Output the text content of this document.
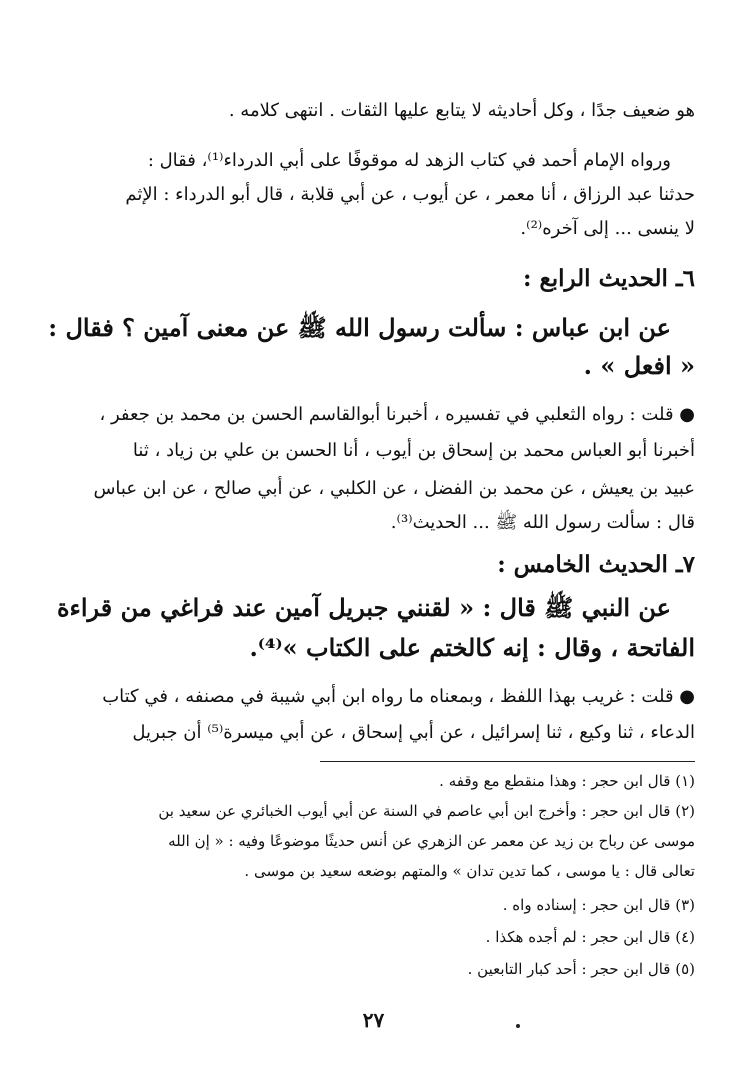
هو ضعيف جدًا ، وكل أحاديثه لا يتابع عليها الثقات . انتهى كلامه .
ورواه الإمام أحمد في كتاب الزهد له موقوفًا على أبي الدرداء⁽¹⁾، فقال :
حدثنا عبد الرزاق ، أنا معمر ، عن أيوب ، عن أبي قلابة ، قال أبو الدرداء : الإثم
لا ينسى ... إلى آخره⁽²⁾.
٦ـ الحديث الرابع :
عن ابن عباس : سألت رسول الله ﷺ عن معنى آمين ؟ فقال :
« افعل » .
● قلت : رواه الثعلبي في تفسيره ، أخبرنا أبوالقاسم الحسن بن محمد بن جعفر ،
أخبرنا أبو العباس محمد بن إسحاق بن أيوب ، أنا الحسن بن علي بن زياد ، ثنا
عبيد بن يعيش ، عن محمد بن الفضل ، عن الكلبي ، عن أبي صالح ، عن ابن عباس
قال : سألت رسول الله ﷺ ... الحديث⁽³⁾.
٧ـ الحديث الخامس :
عن النبي ﷺ قال : « لقنني جبريل آمين عند فراغي من قراءة
الفاتحة ، وقال : إنه كالختم على الكتاب »⁽⁴⁾.
● قلت : غريب بهذا اللفظ ، وبمعناه ما رواه ابن أبي شيبة في مصنفه ، في كتاب
الدعاء ، ثنا وكيع ، ثنا إسرائيل ، عن أبي إسحاق ، عن أبي ميسرة⁽⁵⁾ أن جبريل
(١) قال ابن حجر : وهذا منقطع مع وقفه .
(٢) قال ابن حجر : وأخرج ابن أبي عاصم في السنة عن أبي أيوب الخبائري عن سعيد بن
موسى عن رباح بن زيد عن معمر عن الزهري عن أنس حديثًا موضوعًا وفيه : « إن الله
تعالى قال : يا موسى ، كما تدين تدان » والمتهم بوضعه سعيد بن موسى .
(٣) قال ابن حجر : إسناده واه .
(٤) قال ابن حجر : لم أجده هكذا .
(٥) قال ابن حجر : أحد كبار التابعين .
٢٧
